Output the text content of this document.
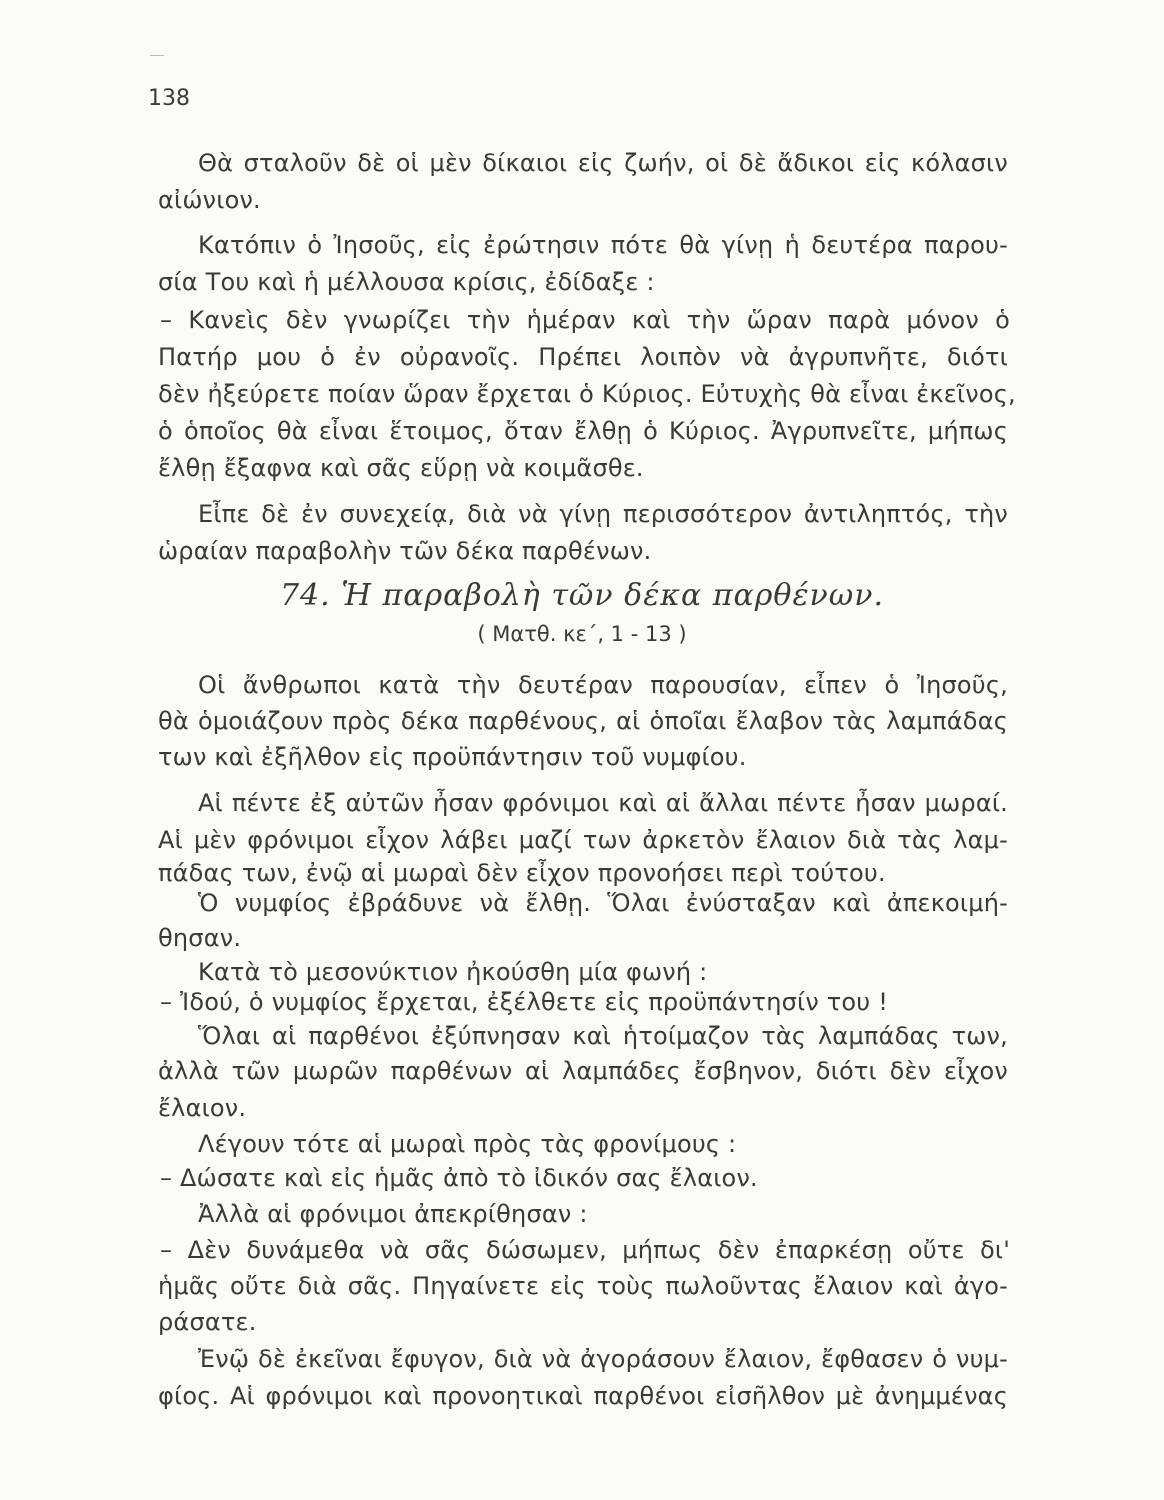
138
Θὰ σταλοῦν δὲ οἱ μὲν δίκαιοι εἰς ζωήν, οἱ δὲ ἄδικοι εἰς κόλασιν
αἰώνιον.
Κατόπιν ὁ Ἰησοῦς, εἰς ἐρώτησιν πότε θὰ γίνῃ ἡ δευτέρα παρου-
σία Του καὶ ἡ μέλλουσα κρίσις, ἐδίδαξε :
– Κανεὶς δὲν γνωρίζει τὴν ἡμέραν καὶ τὴν ὥραν παρὰ μόνον ὁ
Πατήρ μου ὁ ἐν οὐρανοῖς. Πρέπει λοιπὸν νὰ ἀγρυπνῆτε, διότι
δὲν ἠξεύρετε ποίαν ὥραν ἔρχεται ὁ Κύριος. Εὐτυχὴς θὰ εἶναι ἐκεῖνος,
ὁ ὁποῖος θὰ εἶναι ἕτοιμος, ὅταν ἔλθῃ ὁ Κύριος. Ἀγρυπνεῖτε, μήπως
ἔλθῃ ἔξαφνα καὶ σᾶς εὕρῃ νὰ κοιμᾶσθε.
Εἶπε δὲ ἐν συνεχείᾳ, διὰ νὰ γίνῃ περισσότερον ἀντιληπτός, τὴν
ὡραίαν παραβολὴν τῶν δέκα παρθένων.
74. Ἡ παραβολὴ τῶν δέκα παρθένων.
( Ματθ. κε΄, 1 - 13 )
Οἱ ἄνθρωποι κατὰ τὴν δευτέραν παρουσίαν, εἶπεν ὁ Ἰησοῦς,
θὰ ὁμοιάζουν πρὸς δέκα παρθένους, αἱ ὁποῖαι ἔλαβον τὰς λαμπάδας
των καὶ ἐξῆλθον εἰς προϋπάντησιν τοῦ νυμφίου.
Αἱ πέντε ἐξ αὐτῶν ἦσαν φρόνιμοι καὶ αἱ ἄλλαι πέντε ἦσαν μωραί.
Αἱ μὲν φρόνιμοι εἶχον λάβει μαζί των ἀρκετὸν ἔλαιον διὰ τὰς λαμ-
πάδας των, ἐνῷ αἱ μωραὶ δὲν εἶχον προνοήσει περὶ τούτου.
Ὁ νυμφίος ἐβράδυνε νὰ ἔλθῃ. Ὅλαι ἐνύσταξαν καὶ ἀπεκοιμή-
θησαν.
Κατὰ τὸ μεσονύκτιον ἠκούσθη μία φωνή :
– Ἰδού, ὁ νυμφίος ἔρχεται, ἐξέλθετε εἰς προϋπάντησίν του !
Ὅλαι αἱ παρθένοι ἐξύπνησαν καὶ ἡτοίμαζον τὰς λαμπάδας των,
ἀλλὰ τῶν μωρῶν παρθένων αἱ λαμπάδες ἔσβηνον, διότι δὲν εἶχον
ἔλαιον.
Λέγουν τότε αἱ μωραὶ πρὸς τὰς φρονίμους :
– Δώσατε καὶ εἰς ἡμᾶς ἀπὸ τὸ ἰδικόν σας ἔλαιον.
Ἀλλὰ αἱ φρόνιμοι ἀπεκρίθησαν :
– Δὲν δυνάμεθα νὰ σᾶς δώσωμεν, μήπως δὲν ἐπαρκέσῃ οὔτε δι'
ἡμᾶς οὔτε διὰ σᾶς. Πηγαίνετε εἰς τοὺς πωλοῦντας ἔλαιον καὶ ἀγο-
ράσατε.
Ἐνῷ δὲ ἐκεῖναι ἔφυγον, διὰ νὰ ἀγοράσουν ἔλαιον, ἔφθασεν ὁ νυμ-
φίος. Αἱ φρόνιμοι καὶ προνοητικαὶ παρθένοι εἰσῆλθον μὲ ἀνημμένας
